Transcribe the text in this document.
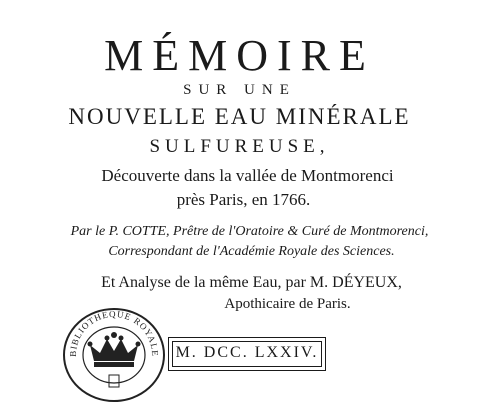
MÉMOIRE
SUR UNE
NOUVELLE EAU MINÉRALE
SULFUREUSE,
Découverte dans la vallée de Montmorenci
près Paris, en 1766.
Par le P. COTTE, Prêtre de l'Oratoire & Curé de Montmorenci,
Correspondant de l'Académie Royale des Sciences.
Et Analyse de la même Eau, par M. DÉYEUX,
Apothicaire de Paris.
M. DCC. LXXIV.
BIBLIOTHEQUE ROYALE
